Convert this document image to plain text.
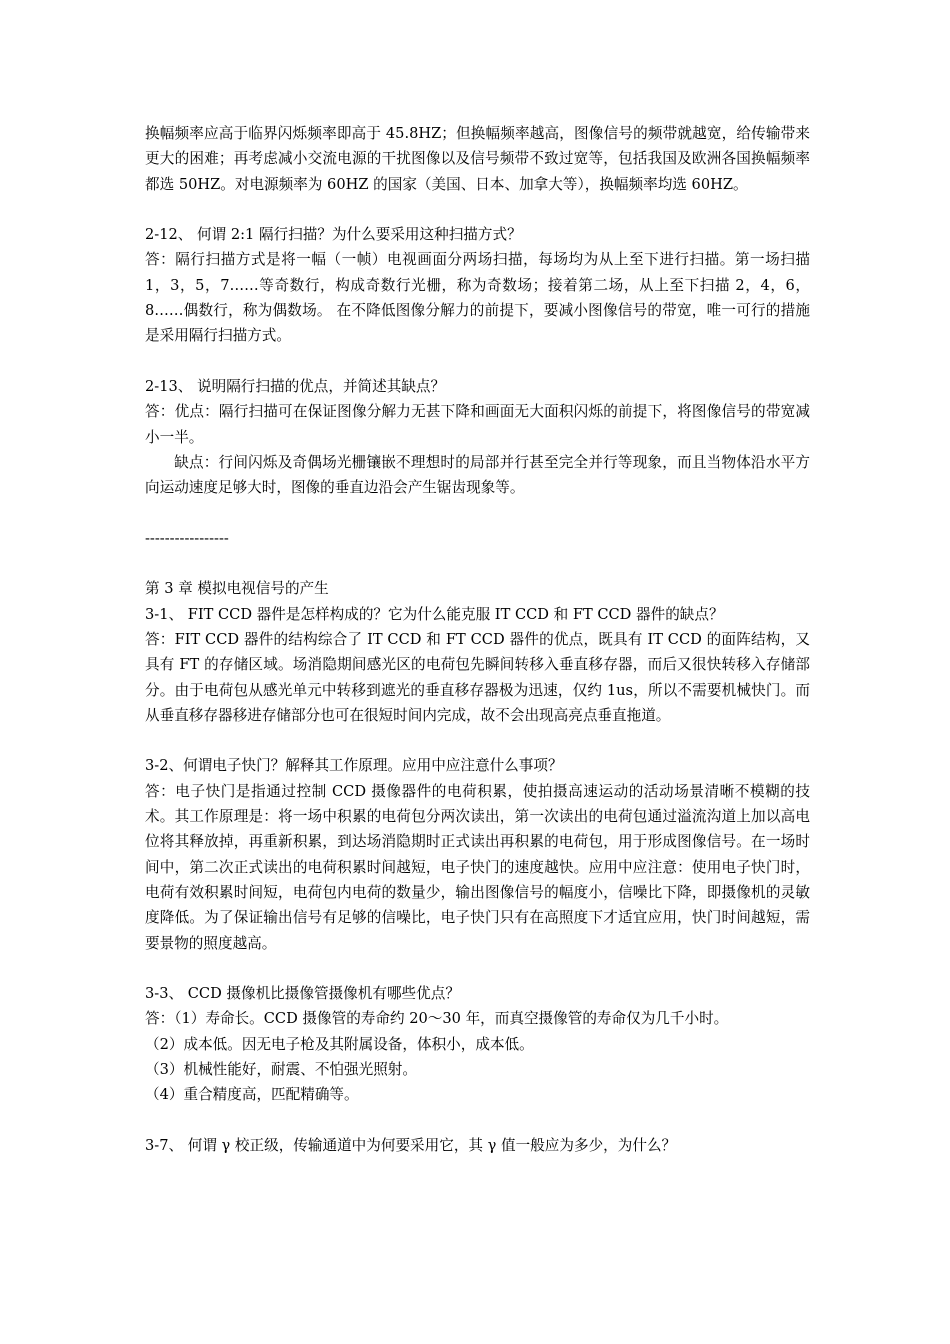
换幅频率应高于临界闪烁频率即高于 45.8HZ；但换幅频率越高，图像信号的频带就越宽，给传输带来更大的困难；再考虑减小交流电源的干扰图像以及信号频带不致过宽等，包括我国及欧洲各国换幅频率都选 50HZ。对电源频率为 60HZ 的国家（美国、日本、加拿大等），换幅频率均选 60HZ。

2-12、 何谓 2:1 隔行扫描？为什么要采用这种扫描方式？

答：隔行扫描方式是将一幅（一帧）电视画面分两场扫描，每场均为从上至下进行扫描。第一场扫描 1，3，5，7……等奇数行，构成奇数行光栅，称为奇数场；接着第二场，从上至下扫描 2，4，6，8……偶数行，称为偶数场。 在不降低图像分解力的前提下，要减小图像信号的带宽，唯一可行的措施是采用隔行扫描方式。

2-13、 说明隔行扫描的优点，并简述其缺点？

答：优点：隔行扫描可在保证图像分解力无甚下降和画面无大面积闪烁的前提下，将图像信号的带宽减小一半。

缺点：行间闪烁及奇偶场光栅镶嵌不理想时的局部并行甚至完全并行等现象，而且当物体沿水平方向运动速度足够大时，图像的垂直边沿会产生锯齿现象等。

-----------------

第 3 章 模拟电视信号的产生

3-1、 FIT CCD 器件是怎样构成的？它为什么能克服 IT CCD 和 FT CCD 器件的缺点？

答：FIT CCD 器件的结构综合了 IT CCD 和 FT CCD 器件的优点，既具有 IT CCD 的面阵结构，又具有 FT 的存储区域。场消隐期间感光区的电荷包先瞬间转移入垂直移存器，而后又很快转移入存储部分。由于电荷包从感光单元中转移到遮光的垂直移存器极为迅速，仅约 1us，所以不需要机械快门。而从垂直移存器移进存储部分也可在很短时间内完成，故不会出现高亮点垂直拖道。

3-2、何谓电子快门？解释其工作原理。应用中应注意什么事项？

答：电子快门是指通过控制 CCD 摄像器件的电荷积累，使拍摄高速运动的活动场景清晰不模糊的技术。其工作原理是：将一场中积累的电荷包分两次读出，第一次读出的电荷包通过溢流沟道上加以高电位将其释放掉，再重新积累，到达场消隐期时正式读出再积累的电荷包，用于形成图像信号。在一场时间中，第二次正式读出的电荷积累时间越短，电子快门的速度越快。应用中应注意：使用电子快门时，电荷有效积累时间短，电荷包内电荷的数量少，输出图像信号的幅度小，信噪比下降，即摄像机的灵敏度降低。为了保证输出信号有足够的信噪比，电子快门只有在高照度下才适宜应用，快门时间越短，需要景物的照度越高。

3-3、 CCD 摄像机比摄像管摄像机有哪些优点？

答：（1）寿命长。CCD 摄像管的寿命约 20～30 年，而真空摄像管的寿命仅为几千小时。

（2）成本低。因无电子枪及其附属设备，体积小，成本低。

（3）机械性能好，耐震、不怕强光照射。

（4）重合精度高，匹配精确等。

3-7、 何谓 γ 校正级，传输通道中为何要采用它，其 γ 值一般应为多少，为什么？
